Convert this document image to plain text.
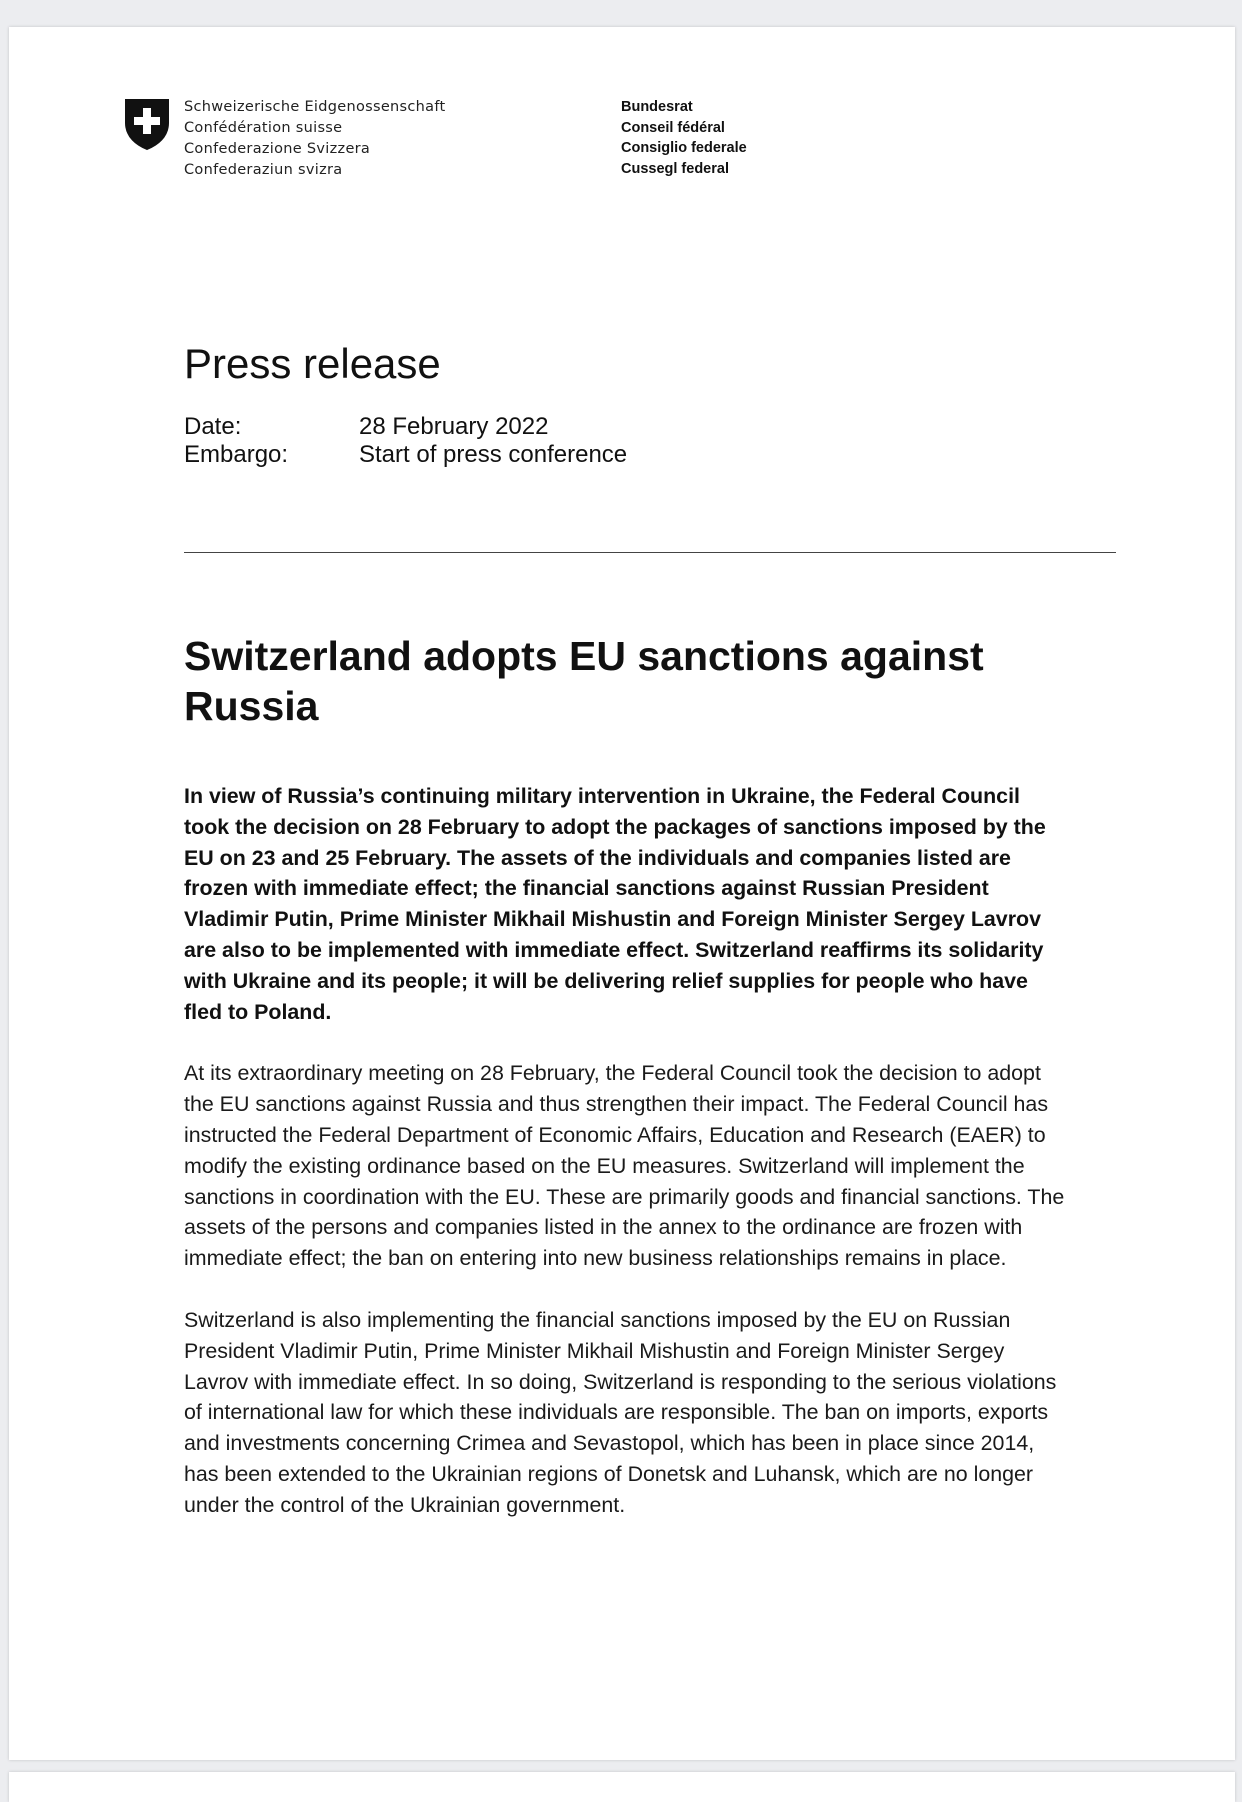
Schweizerische Eidgenossenschaft
Confédération suisse
Confederazione Svizzera
Confederaziun svizra
Bundesrat
Conseil fédéral
Consiglio federale
Cussegl federal
Press release
Date:	28 February 2022
Embargo:	Start of press conference
Switzerland adopts EU sanctions against
Russia

In view of Russia’s continuing military intervention in Ukraine, the Federal Council
took the decision on 28 February to adopt the packages of sanctions imposed by the
EU on 23 and 25 February. The assets of the individuals and companies listed are
frozen with immediate effect; the financial sanctions against Russian President
Vladimir Putin, Prime Minister Mikhail Mishustin and Foreign Minister Sergey Lavrov
are also to be implemented with immediate effect. Switzerland reaffirms its solidarity
with Ukraine and its people; it will be delivering relief supplies for people who have
fled to Poland.

At its extraordinary meeting on 28 February, the Federal Council took the decision to adopt
the EU sanctions against Russia and thus strengthen their impact. The Federal Council has
instructed the Federal Department of Economic Affairs, Education and Research (EAER) to
modify the existing ordinance based on the EU measures. Switzerland will implement the
sanctions in coordination with the EU. These are primarily goods and financial sanctions. The
assets of the persons and companies listed in the annex to the ordinance are frozen with
immediate effect; the ban on entering into new business relationships remains in place.

Switzerland is also implementing the financial sanctions imposed by the EU on Russian
President Vladimir Putin, Prime Minister Mikhail Mishustin and Foreign Minister Sergey
Lavrov with immediate effect. In so doing, Switzerland is responding to the serious violations
of international law for which these individuals are responsible. The ban on imports, exports
and investments concerning Crimea and Sevastopol, which has been in place since 2014,
has been extended to the Ukrainian regions of Donetsk and Luhansk, which are no longer
under the control of the Ukrainian government.
